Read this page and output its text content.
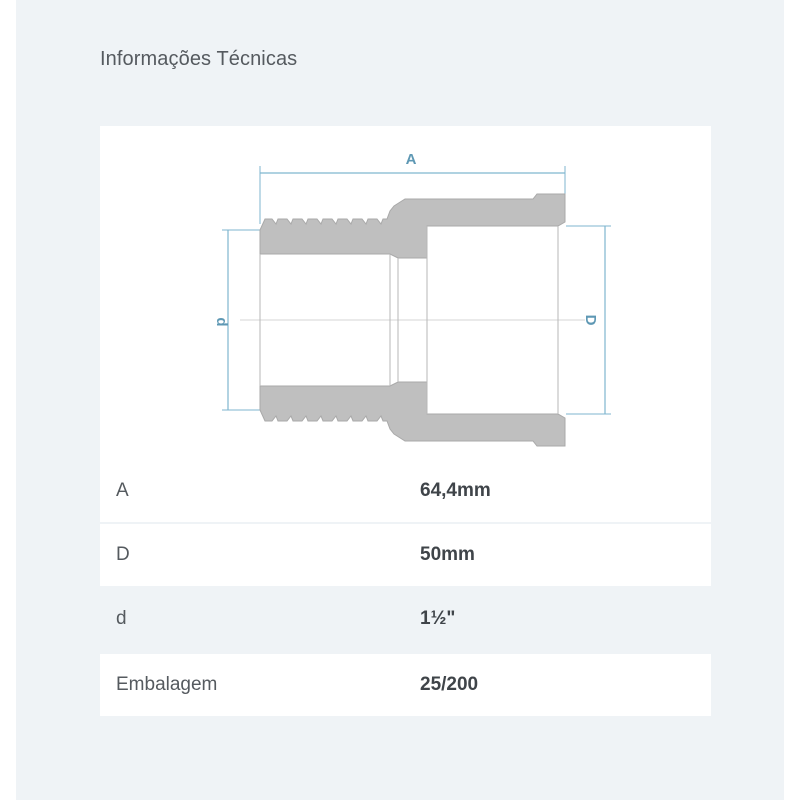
Informações Técnicas
A
d	D
A	64,4mm
D	50mm
d	1½"
Embalagem	25/200
